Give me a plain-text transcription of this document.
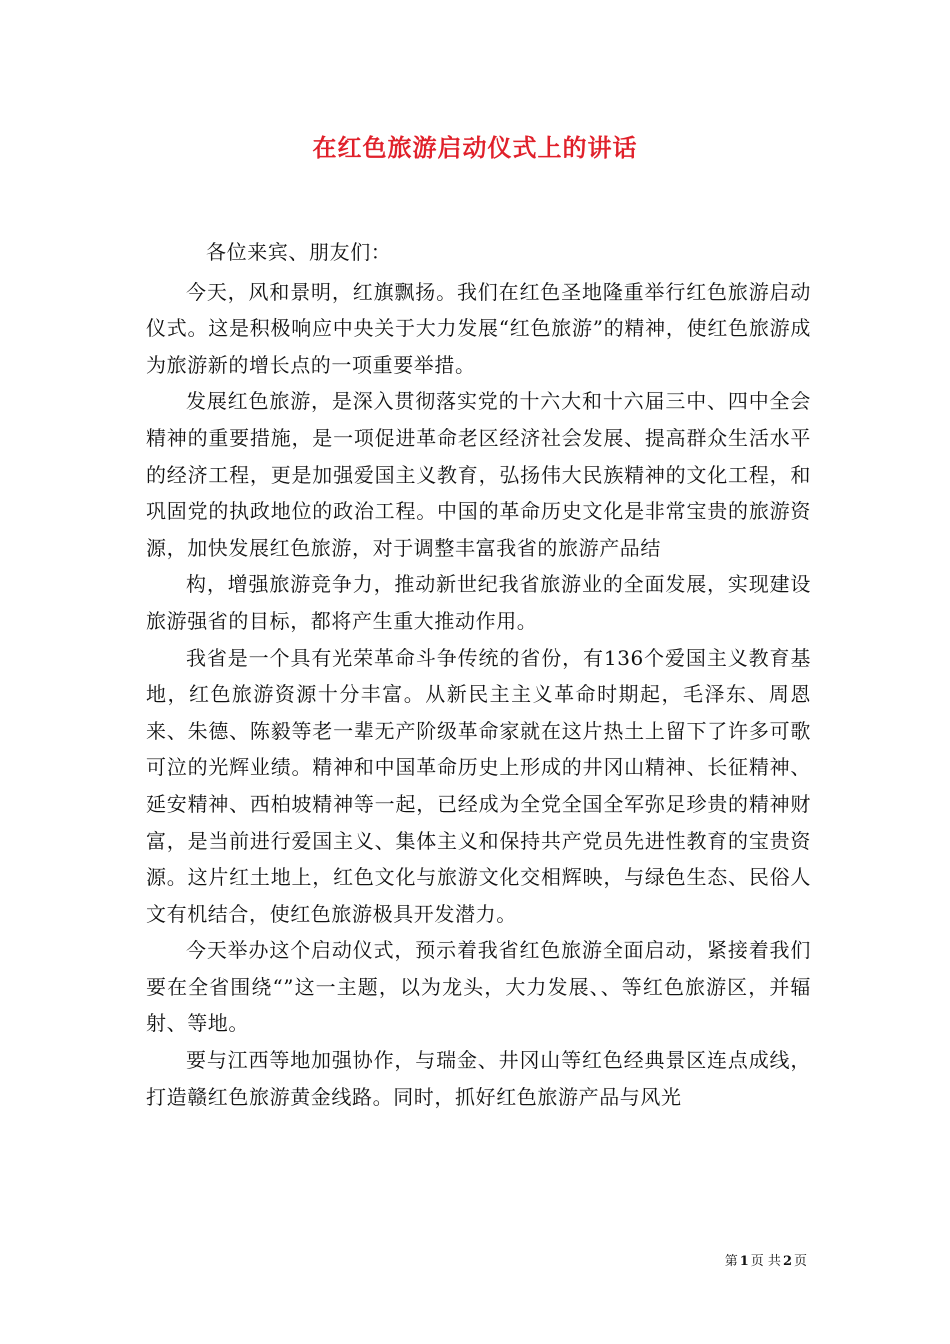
在红色旅游启动仪式上的讲话

各位来宾、朋友们：

今天，风和景明，红旗飘扬。我们在红色圣地隆重举行红色旅游启动仪式。这是积极响应中央关于大力发展“红色旅游”的精神，使红色旅游成为旅游新的增长点的一项重要举措。

发展红色旅游，是深入贯彻落实党的十六大和十六届三中、四中全会精神的重要措施，是一项促进革命老区经济社会发展、提高群众生活水平的经济工程，更是加强爱国主义教育，弘扬伟大民族精神的文化工程，和巩固党的执政地位的政治工程。中国的革命历史文化是非常宝贵的旅游资源，加快发展红色旅游，对于调整丰富我省的旅游产品结

构，增强旅游竞争力，推动新世纪我省旅游业的全面发展，实现建设旅游强省的目标，都将产生重大推动作用。

我省是一个具有光荣革命斗争传统的省份，有136个爱国主义教育基地，红色旅游资源十分丰富。从新民主主义革命时期起，毛泽东、周恩来、朱德、陈毅等老一辈无产阶级革命家就在这片热土上留下了许多可歌可泣的光辉业绩。精神和中国革命历史上形成的井冈山精神、长征精神、延安精神、西柏坡精神等一起，已经成为全党全国全军弥足珍贵的精神财富，是当前进行爱国主义、集体主义和保持共产党员先进性教育的宝贵资源。这片红土地上，红色文化与旅游文化交相辉映，与绿色生态、民俗人文有机结合，使红色旅游极具开发潜力。

今天举办这个启动仪式，预示着我省红色旅游全面启动，紧接着我们要在全省围绕“”这一主题，以为龙头，大力发展、、等红色旅游区，并辐射、等地。

要与江西等地加强协作，与瑞金、井冈山等红色经典景区连点成线，打造赣红色旅游黄金线路。同时，抓好红色旅游产品与风光

第 1 页 共 2 页
